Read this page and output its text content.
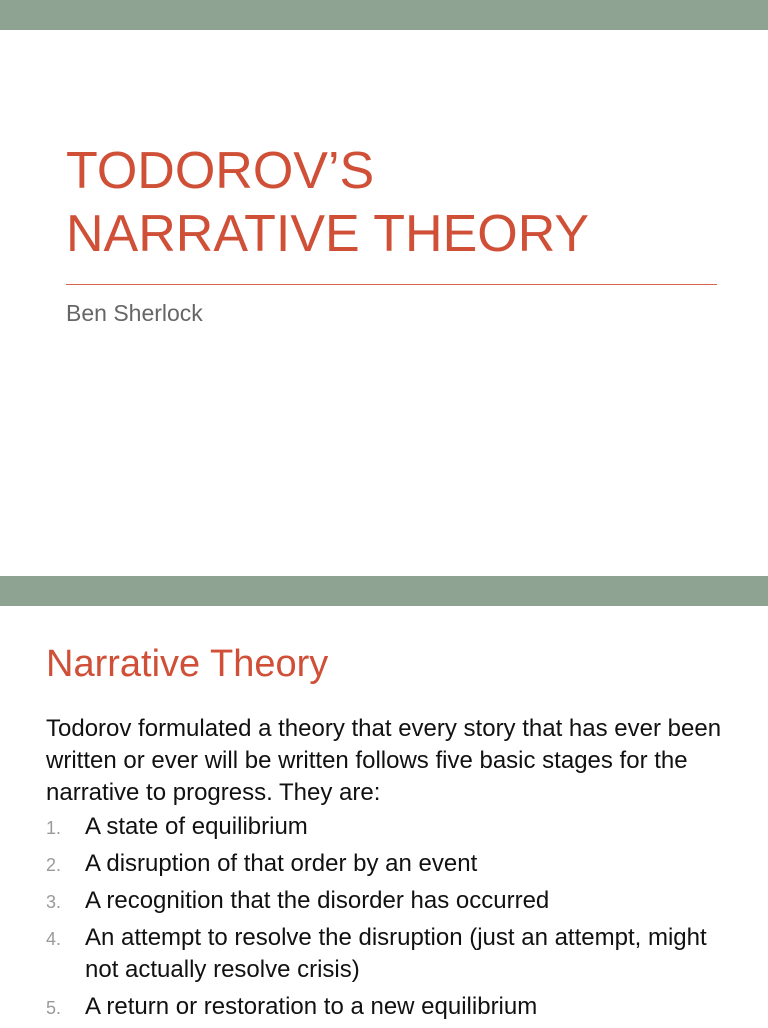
TODOROV’S
NARRATIVE THEORY
Ben Sherlock
Narrative Theory

Todorov formulated a theory that every story that has ever been written or ever will be written follows five basic stages for the narrative to progress. They are:

1. A state of equilibrium
2. A disruption of that order by an event
3. A recognition that the disorder has occurred
4. An attempt to resolve the disruption (just an attempt, might not actually resolve crisis)
5. A return or restoration to a new equilibrium
